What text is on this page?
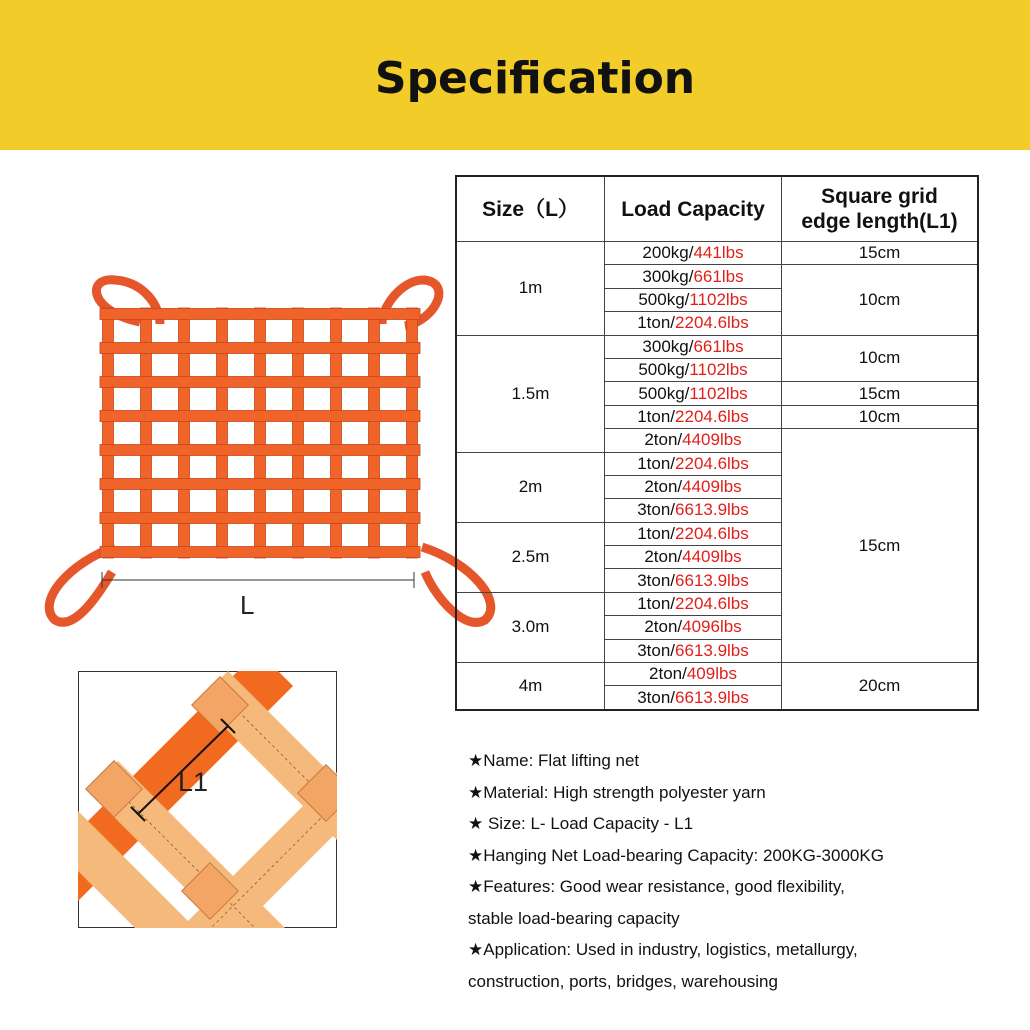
Specification
L
L1
Size（L）	Load Capacity	Square grid
edge length(L1)
1m	200kg/441lbs	15cm
	300kg/661lbs	10cm
	500kg/1102lbs	
	1ton/2204.6lbs	
1.5m	300kg/661lbs	10cm
	500kg/1102lbs	
	500kg/1102lbs	15cm
	1ton/2204.6lbs	10cm
	2ton/4409lbs	15cm
2m	1ton/2204.6lbs	
	2ton/4409lbs	
	3ton/6613.9lbs	
2.5m	1ton/2204.6lbs	
	2ton/4409lbs	
	3ton/6613.9lbs	
3.0m	1ton/2204.6lbs	
	2ton/4096lbs	
	3ton/6613.9lbs	
4m	2ton/409lbs	20cm
	3ton/6613.9lbs	

★Name: Flat lifting net

★Material: High strength polyester yarn

★ Size: L- Load Capacity - L1

★Hanging Net Load-bearing Capacity: 200KG-3000KG

★Features: Good wear resistance, good flexibility,

stable load-bearing capacity

★Application: Used in industry, logistics, metallurgy,

construction, ports, bridges, warehousing
